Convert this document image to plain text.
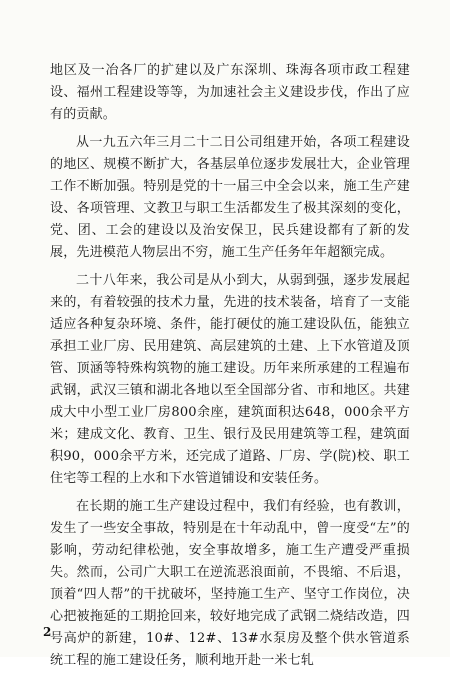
地区及一冶各厂的扩建以及广东深圳、珠海各项市政工程建设、福州工程建设等等，为加速社会主义建设步伐，作出了应有的贡献。

从一九五六年三月二十二日公司组建开始，各项工程建设的地区、规模不断扩大，各基层单位逐步发展壮大，企业管理工作不断加强。特别是党的十一届三中全会以来，施工生产建设、各项管理、文教卫与职工生活都发生了极其深刻的变化，党、团、工会的建设以及治安保卫，民兵建设都有了新的发展，先进模范人物层出不穷，施工生产任务年年超额完成。

二十八年来，我公司是从小到大，从弱到强，逐步发展起来的，有着较强的技术力量，先进的技术装备，培育了一支能适应各种复杂环境、条件，能打硬仗的施工建设队伍，能独立承担工业厂房、民用建筑、高层建筑的土建、上下水管道及顶管、顶涵等特殊构筑物的施工建设。历年来所承建的工程遍布武钢，武汉三镇和湖北各地以至全国部分省、市和地区。共建成大中小型工业厂房800余座，建筑面积达648，000余平方米；建成文化、教育、卫生、银行及民用建筑等工程，建筑面积90，000余平方米，还完成了道路、厂房、学(院)校、职工住宅等工程的上水和下水管道铺设和安装任务。

在长期的施工生产建设过程中，我们有经验，也有教训，发生了一些安全事故，特别是在十年动乱中，曾一度受“左”的影响，劳动纪律松弛，安全事故增多，施工生产遭受严重损失。然而，公司广大职工在逆流恶浪面前，不畏缩、不后退，顶着“四人帮”的干扰破坏，坚持施工生产、坚守工作岗位，决心把被拖延的工期抢回来，较好地完成了武钢二烧结改造，四号高炉的新建，10#、12#、13#水泵房及整个供水管道系统工程的施工建设任务，顺利地开赴一米七轧

2
